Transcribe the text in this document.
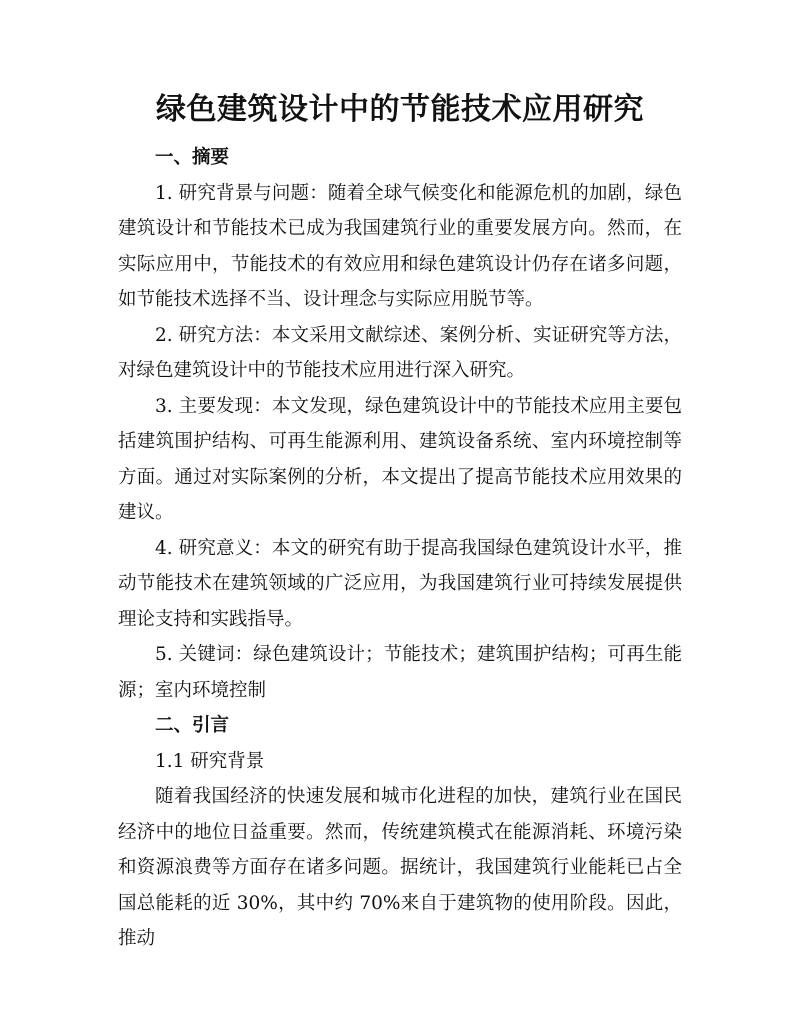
绿色建筑设计中的节能技术应用研究

一、摘要

1. 研究背景与问题：随着全球气候变化和能源危机的加剧，绿色建筑设计和节能技术已成为我国建筑行业的重要发展方向。然而，在实际应用中，节能技术的有效应用和绿色建筑设计仍存在诸多问题，如节能技术选择不当、设计理念与实际应用脱节等。

2. 研究方法：本文采用文献综述、案例分析、实证研究等方法，对绿色建筑设计中的节能技术应用进行深入研究。

3. 主要发现：本文发现，绿色建筑设计中的节能技术应用主要包括建筑围护结构、可再生能源利用、建筑设备系统、室内环境控制等方面。通过对实际案例的分析，本文提出了提高节能技术应用效果的建议。

4. 研究意义：本文的研究有助于提高我国绿色建筑设计水平，推动节能技术在建筑领域的广泛应用，为我国建筑行业可持续发展提供理论支持和实践指导。

5. 关键词：绿色建筑设计；节能技术；建筑围护结构；可再生能源；室内环境控制

二、引言

1.1 研究背景

随着我国经济的快速发展和城市化进程的加快，建筑行业在国民经济中的地位日益重要。然而，传统建筑模式在能源消耗、环境污染和资源浪费等方面存在诸多问题。据统计，我国建筑行业能耗已占全国总能耗的近 30%，其中约 70%来自于建筑物的使用阶段。因此，推动
